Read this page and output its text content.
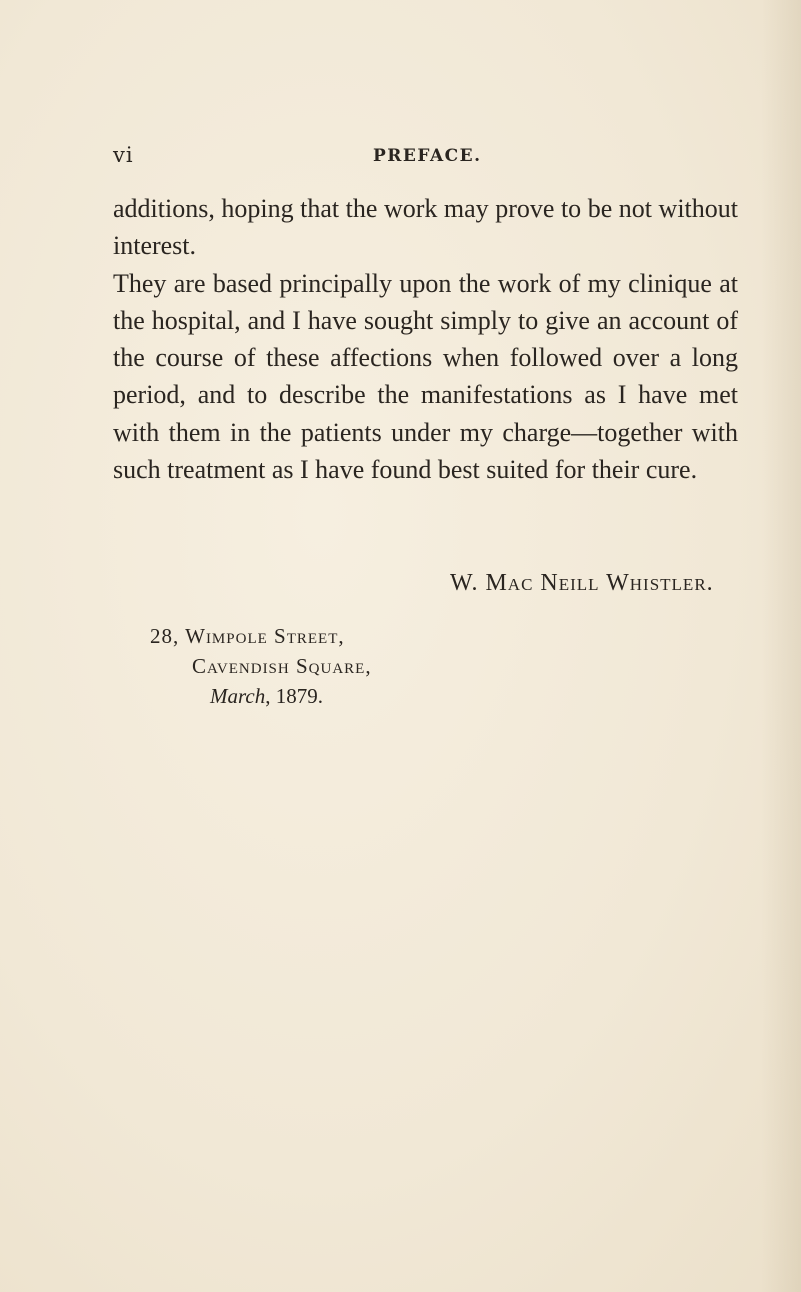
vi	PREFACE.

additions, hoping that the work may prove to be not without interest.

They are based principally upon the work of my clinique at the hospital, and I have sought simply to give an account of the course of these affections when followed over a long period, and to describe the manifestations as I have met with them in the patients under my charge—together with such treatment as I have found best suited for their cure.

W. Mac Neill Whistler.
28, Wimpole Street,
Cavendish Square,
March, 1879.
